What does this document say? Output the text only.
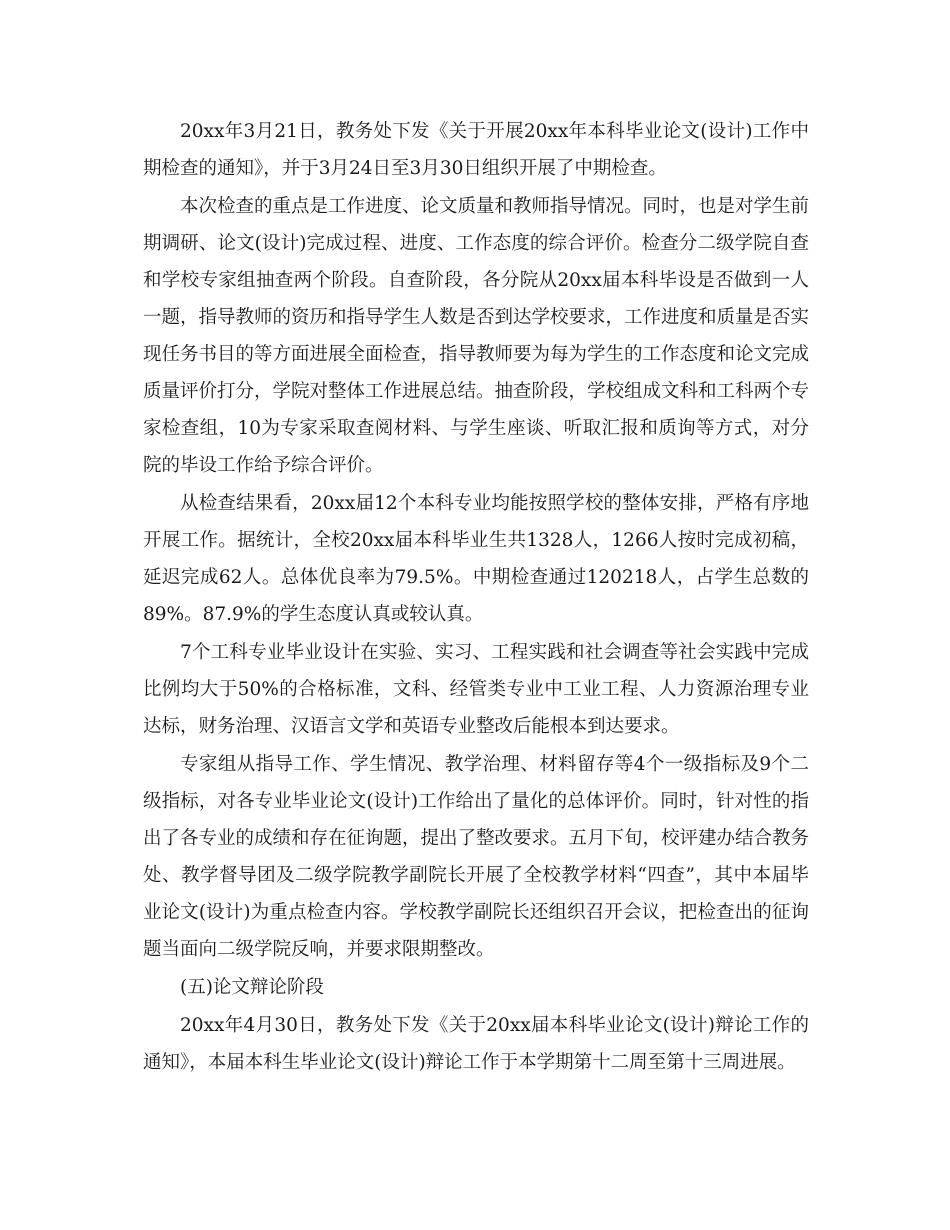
20xx年3月21日，教务处下发《关于开展20xx年本科毕业论文(设计)工作中期检查的通知》，并于3月24日至3月30日组织开展了中期检查。

本次检查的重点是工作进度、论文质量和教师指导情况。同时，也是对学生前期调研、论文(设计)完成过程、进度、工作态度的综合评价。检查分二级学院自查和学校专家组抽查两个阶段。自查阶段，各分院从20xx届本科毕设是否做到一人一题，指导教师的资历和指导学生人数是否到达学校要求，工作进度和质量是否实现任务书目的等方面进展全面检查，指导教师要为每为学生的工作态度和论文完成质量评价打分，学院对整体工作进展总结。抽查阶段，学校组成文科和工科两个专家检查组，10为专家采取查阅材料、与学生座谈、听取汇报和质询等方式，对分院的毕设工作给予综合评价。

从检查结果看，20xx届12个本科专业均能按照学校的整体安排，严格有序地开展工作。据统计，全校20xx届本科毕业生共1328人，1266人按时完成初稿，延迟完成62人。总体优良率为79.5%。中期检查通过120218人，占学生总数的89%。87.9%的学生态度认真或较认真。

7个工科专业毕业设计在实验、实习、工程实践和社会调查等社会实践中完成比例均大于50%的合格标准，文科、经管类专业中工业工程、人力资源治理专业达标，财务治理、汉语言文学和英语专业整改后能根本到达要求。

专家组从指导工作、学生情况、教学治理、材料留存等4个一级指标及9个二级指标，对各专业毕业论文(设计)工作给出了量化的总体评价。同时，针对性的指出了各专业的成绩和存在征询题，提出了整改要求。五月下旬，校评建办结合教务处、教学督导团及二级学院教学副院长开展了全校教学材料“四查”，其中本届毕业论文(设计)为重点检查内容。学校教学副院长还组织召开会议，把检查出的征询题当面向二级学院反响，并要求限期整改。

(五)论文辩论阶段

20xx年4月30日，教务处下发《关于20xx届本科毕业论文(设计)辩论工作的通知》，本届本科生毕业论文(设计)辩论工作于本学期第十二周至第十三周进展。
